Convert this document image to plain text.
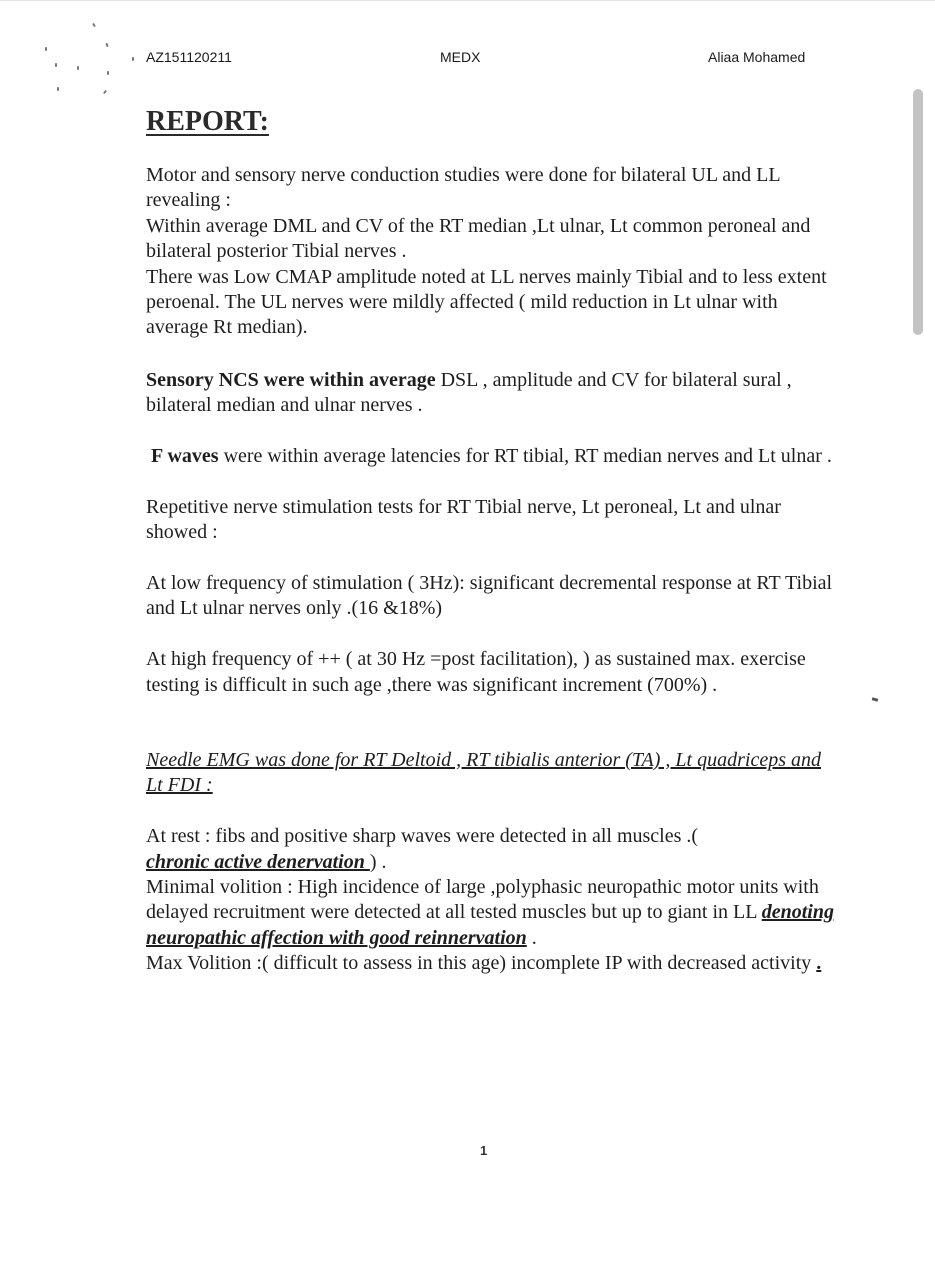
AZ151120211	MEDX	Aliaa Mohamed
REPORT:

Motor and sensory nerve conduction studies were done for bilateral UL and LL revealing :

Within average DML and CV of the RT median ,Lt ulnar, Lt common peroneal and bilateral posterior Tibial nerves .

There was Low CMAP amplitude noted at LL nerves mainly Tibial and to less extent peroenal. The UL nerves were mildly affected ( mild reduction in Lt ulnar with average Rt median).

Sensory NCS were within average DSL , amplitude and CV for bilateral sural , bilateral median and ulnar nerves .

F waves were within average latencies for RT tibial, RT median nerves and Lt ulnar .

Repetitive nerve stimulation tests for RT Tibial nerve, Lt peroneal, Lt and ulnar showed :

At low frequency of stimulation ( 3Hz): significant decremental response at RT Tibial and Lt ulnar nerves only .(16 &18%)

At high frequency of ++ ( at 30 Hz =post facilitation), ) as sustained max. exercise testing is difficult in such age ,there was significant increment (700%) .

Needle EMG was done for RT Deltoid , RT tibialis anterior (TA) , Lt quadriceps and Lt FDI :

At rest : fibs and positive sharp waves were detected in all muscles .(
chronic active denervation ) .

Minimal volition : High incidence of large ,polyphasic neuropathic motor units with delayed recruitment were detected at all tested muscles but up to giant in LL denoting neuropathic affection with good reinnervation .

Max Volition :( difficult to assess in this age) incomplete IP with decreased activity .

1
